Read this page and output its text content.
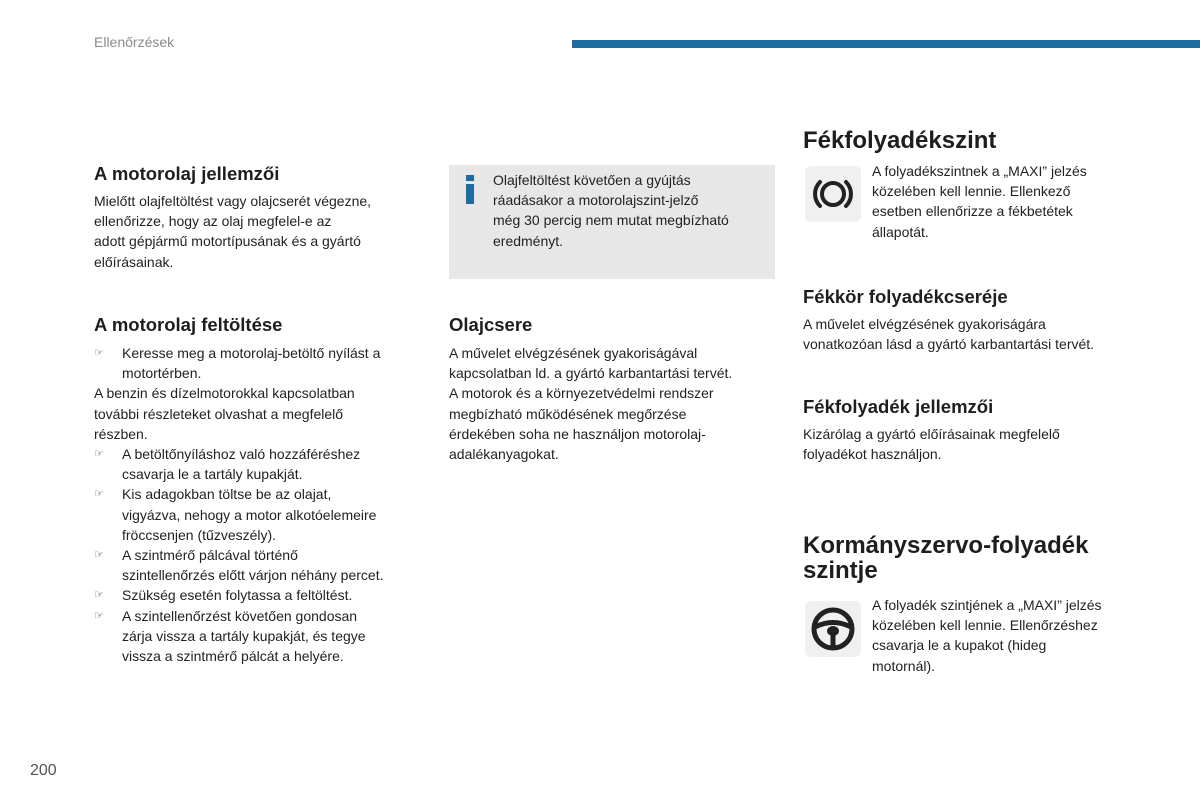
Ellenőrzések
A motorolaj jellemzői

Mielőtt olajfeltöltést vagy olajcserét végezne,

ellenőrizze, hogy az olaj megfelel-e az

adott gépjármű motortípusának és a gyártó

előírásainak.

A motorolaj feltöltése
☞ Keresse meg a motorolaj-betöltő nyílást a
motortérben.

A benzin és dízelmotorokkal kapcsolatban

további részleteket olvashat a megfelelő

részben.

☞ A betöltőnyíláshoz való hozzáféréshez
csavarja le a tartály kupakját.
☞ Kis adagokban töltse be az olajat,
vigyázva, nehogy a motor alkotóelemeire
fröccsenjen (tűzveszély).
☞ A szintmérő pálcával történő
szintellenőrzés előtt várjon néhány percet.
☞ Szükség esetén folytassa a feltöltést.
☞ A szintellenőrzést követően gondosan
zárja vissza a tartály kupakját, és tegye
vissza a szintmérő pálcát a helyére.

Olajfeltöltést követően a gyújtás

ráadásakor a motorolajszint-jelző

még 30 percig nem mutat megbízható

eredményt.

Olajcsere

A művelet elvégzésének gyakoriságával

kapcsolatban ld. a gyártó karbantartási tervét.

A motorok és a környezetvédelmi rendszer

megbízható működésének megőrzése

érdekében soha ne használjon motorolaj-

adalékanyagokat.

Fékfolyadékszint

A folyadékszintnek a „MAXI” jelzés

közelében kell lennie. Ellenkező

esetben ellenőrizze a fékbetétek

állapotát.

Fékkör folyadékcseréje

A művelet elvégzésének gyakoriságára

vonatkozóan lásd a gyártó karbantartási tervét.

Fékfolyadék jellemzői

Kizárólag a gyártó előírásainak megfelelő

folyadékot használjon.

Kormányszervo-folyadék
szintje

A folyadék szintjének a „MAXI” jelzés

közelében kell lennie. Ellenőrzéshez

csavarja le a kupakot (hideg

motornál).

200
